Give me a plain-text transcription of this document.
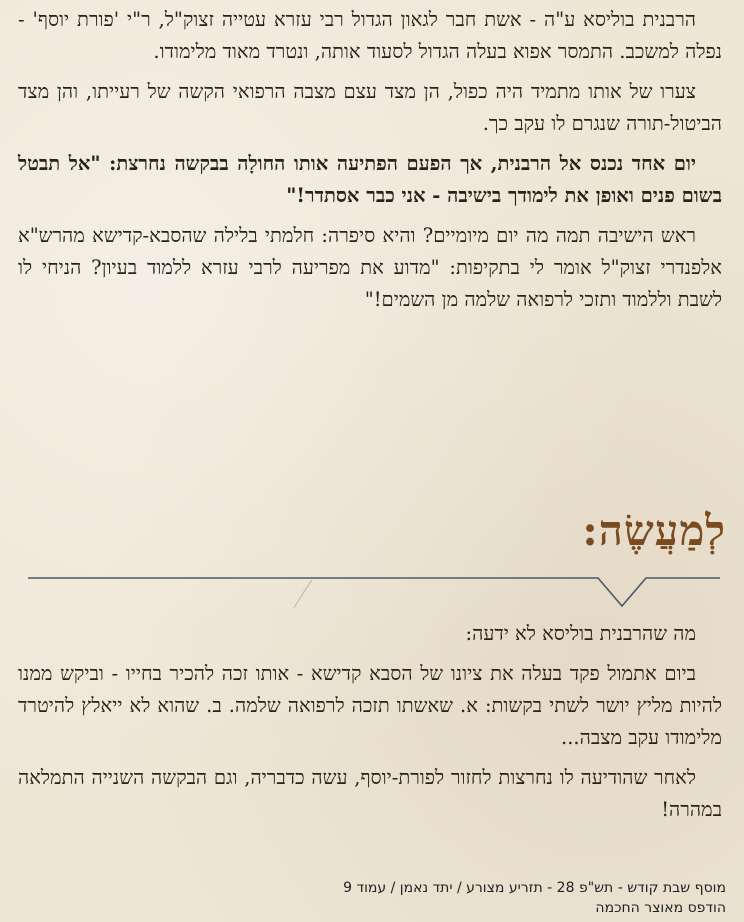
הרבנית בוליסא ע"ה - אשת חבר לגאון הגדול רבי עזרא עטייה זצוק"ל, ר"י 'פורת יוסף' - נפלה למשכב. התמסר אפוא בעלה הגדול לסעוד אותה, ונטרד מאוד מלימודו.

צערו של אותו מתמיד היה כפול, הן מצד עצם מצבה הרפואי הקשה של רעייתו, והן מצד הביטול-תורה שנגרם לו עקב כך.

יום אחד נכנס אל הרבנית, אך הפעם הפתיעה אותו החולָה בבקשה נחרצת: "אל תבטל בשום פנים ואופן את לימודך בישיבה - אני כבר אסתדר!"

ראש הישיבה תמה מה יום מיומיים? והיא סיפרה: חלמתי בלילה שהסבא-קדישא מהרש"א אלפנדרי זצוק"ל אומר לי בתקיפות: "מדוע את מפריעה לרבי עזרא ללמוד בעיון? הניחי לו לשבת וללמוד ותזכי לרפואה שלמה מן השמים!"

לְמַעֲשֶׂה:

מה שהרבנית בוליסא לא ידעה:

ביום אתמול פקד בעלה את ציונו של הסבא קדישא - אותו זכה להכיר בחייו - וביקש ממנו להיות מליץ יושר לשתי בקשות: א. שאשתו תזכה לרפואה שלמה. ב. שהוא לא ייאלץ להיטרד מלימודו עקב מצבה...

לאחר שהודיעה לו נחרצות לחזור לפורת-יוסף, עשה כדבריה, וגם הבקשה השנייה התמלאה במהרה!

מוסף שבת קודש - תש"פ 28 - תזריע מצורע / יתד נאמן / עמוד 9
הודפס מאוצר החכמה
